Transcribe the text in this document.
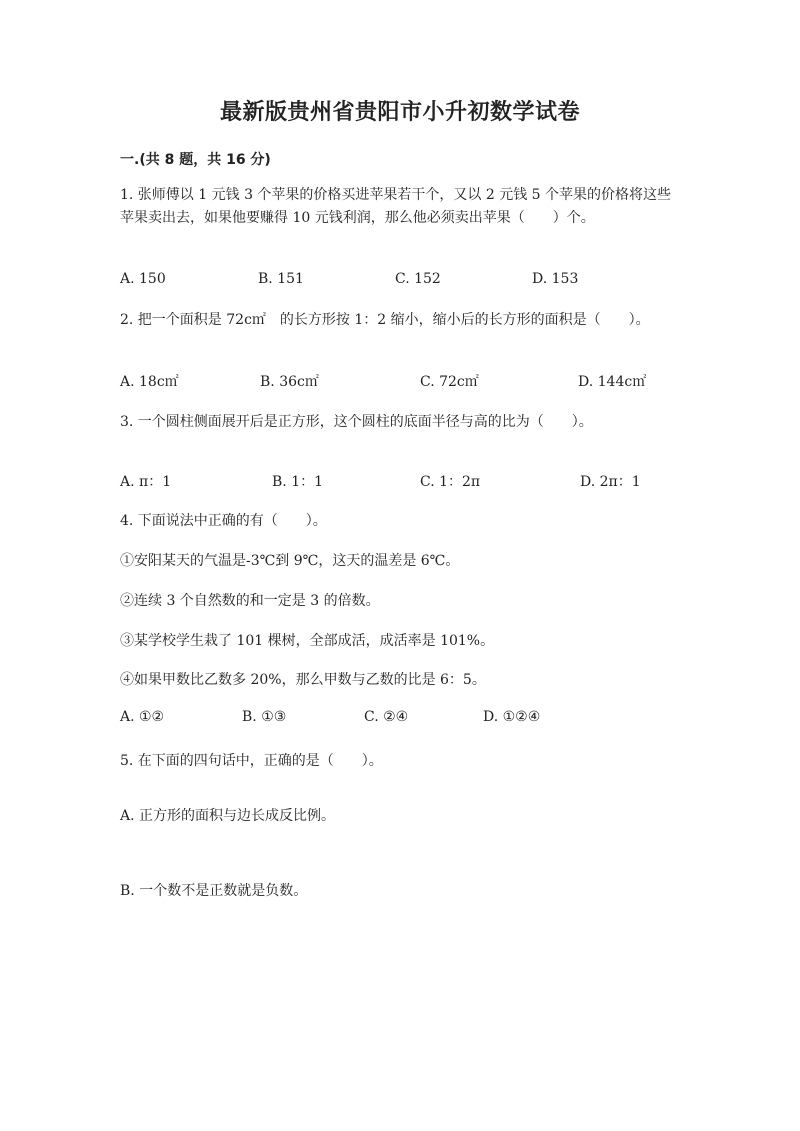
最新版贵州省贵阳市小升初数学试卷
一.(共 8 题，共 16 分)
1. 张师傅以 1 元钱 3 个苹果的价格买进苹果若干个，又以 2 元钱 5 个苹果的价格将这些苹果卖出去，如果他要赚得 10 元钱利润，那么他必须卖出苹果（　　）个。
A. 150	B. 151	C. 152	D. 153
2. 把一个面积是 72c㎡　的长方形按 1：2 缩小，缩小后的长方形的面积是（　　）。
A. 18c㎡	B. 36c㎡	C. 72c㎡	D. 144c㎡
3. 一个圆柱侧面展开后是正方形，这个圆柱的底面半径与高的比为（　　）。
A. π：1	B. 1：1	C. 1：2π	D. 2π：1
4. 下面说法中正确的有（　　）。
①安阳某天的气温是-3℃到 9℃，这天的温差是 6℃。
②连续 3 个自然数的和一定是 3 的倍数。
③某学校学生栽了 101 棵树，全部成活，成活率是 101%。
④如果甲数比乙数多 20%，那么甲数与乙数的比是 6：5。
A. ①②	B. ①③	C. ②④	D. ①②④
5. 在下面的四句话中，正确的是（　　）。
A. 正方形的面积与边长成反比例。
B. 一个数不是正数就是负数。
